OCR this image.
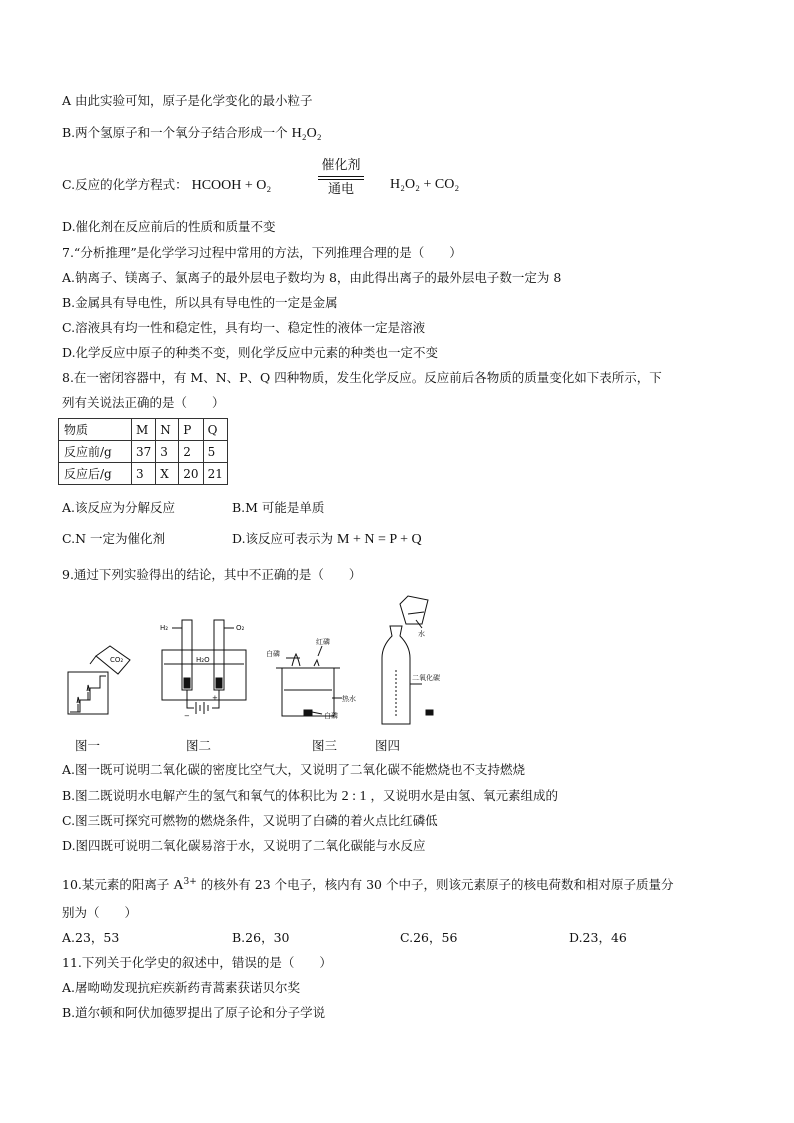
A 由此实验可知，原子是化学变化的最小粒子
B.两个氢原子和一个氧分子结合形成一个 H₂O₂
C.反应的化学方程式： HCOOH + O₂
催化剂
通电	H₂O₂ + CO₂
D.催化剂在反应前后的性质和质量不变
7.“分析推理”是化学学习过程中常用的方法，下列推理合理的是（　　）
A.钠离子、镁离子、氯离子的最外层电子数均为 8，由此得出离子的最外层电子数一定为 8
B.金属具有导电性，所以具有导电性的一定是金属
C.溶液具有均一性和稳定性，具有均一、稳定性的液体一定是溶液
D.化学反应中原子的种类不变，则化学反应中元素的种类也一定不变
8.在一密闭容器中，有 M、N、P、Q 四种物质，发生化学反应。反应前后各物质的质量变化如下表所示，下
列有关说法正确的是（　　）
物质	M	N	P	Q
反应前/g	37	3	2	5
反应后/g	3	X	20	21
A.该反应为分解反应	B.M 可能是单质
C.N 一定为催化剂	D.该反应可表示为 M + N = P + Q
9.通过下列实验得出的结论，其中不正确的是（　　）
CO₂
H₂	O₂
H₂O
−
+
红磷
白磷
热水
白磷
水
二氧化碳
图一	图二	图三	图四
A.图一既可说明二氧化碳的密度比空气大，又说明了二氧化碳不能燃烧也不支持燃烧
B.图二既说明水电解产生的氢气和氧气的体积比为 2 : 1 ，又说明水是由氢、氧元素组成的
C.图三既可探究可燃物的燃烧条件，又说明了白磷的着火点比红磷低
D.图四既可说明二氧化碳易溶于水，又说明了二氧化碳能与水反应
10.某元素的阳离子 $A^{3+}$ 的核外有 23 个电子，核内有 30 个中子，则该元素原子的核电荷数和相对原子质量分
别为（　　）
A.23，53	B.26，30	C.26，56	D.23，46
11.下列关于化学史的叙述中，错误的是（　　）
A.屠呦呦发现抗疟疾新药青蒿素获诺贝尔奖
B.道尔顿和阿伏加德罗提出了原子论和分子学说
